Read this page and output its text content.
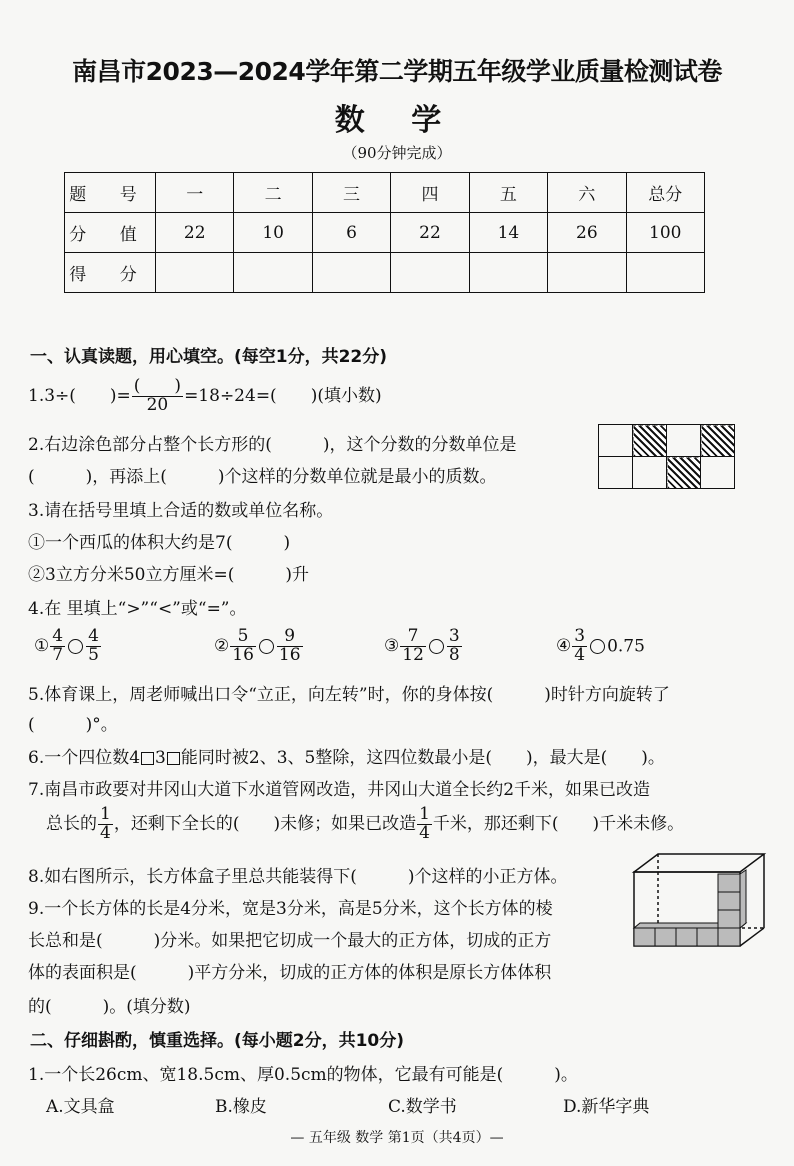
南昌市2023—2024学年第二学期五年级学业质量检测试卷
数 学
（90分钟完成）
题 号	一	二	三	四	五	六	总分
分 值	22	10	6	22	14	26	100
得 分							
一、认真读题，用心填空。(每空1分，共22分)
1.3÷(　　)= $\frac{( )}{20} =18\div 24=$(　　)(填小数)
2.右边涂色部分占整个长方形的(　　　)，这个分数的分数单位是
(　　　)，再添上(　　　)个这样的分数单位就是最小的质数。

3.请在括号里填上合适的数或单位名称。
①一个西瓜的体积大约是7(　　　)
②3立方分米50立方厘米=(　　　)升
4.在 里填上“>”“<”或“=”。
① $\frac{4}{7} \frac{4}{5}$	② $\frac{5}{16} \frac{9}{16}$	③ $\frac{7}{12} \frac{3}{8}$	④ $\frac{3}{4} 0.75$
5.体育课上，周老师喊出口令“立正，向左转”时，你的身体按(　　　)时针方向旋转了
(　　　)°。
6.一个四位数4 3 能同时被2、3、5整除，这四位数最小是(　　)，最大是(　　)。
7.南昌市政要对井冈山大道下水道管网改造，井冈山大道全长约2千米，如果已改造
总长的 $\frac{1}{4}$ ，还剩下全长的(　　)未修；如果已改造 $\frac{1}{4}$ 千米，那还剩下(　　)千米未修。
8.如右图所示，长方体盒子里总共能装得下(　　　)个这样的小正方体。
9.一个长方体的长是4分米，宽是3分米，高是5分米，这个长方体的棱
长总和是(　　　)分米。如果把它切成一个最大的正方体，切成的正方
体的表面积是(　　　)平方分米，切成的正方体的体积是原长方体体积
的(　　　)。(填分数)
二、仔细斟酌，慎重选择。(每小题2分，共10分)
1.一个长26cm、宽18.5cm、厚0.5cm的物体，它最有可能是(　　　)。
A.文具盒	B.橡皮	C.数学书	D.新华字典
— 五年级 数学 第1页（共4页）—
